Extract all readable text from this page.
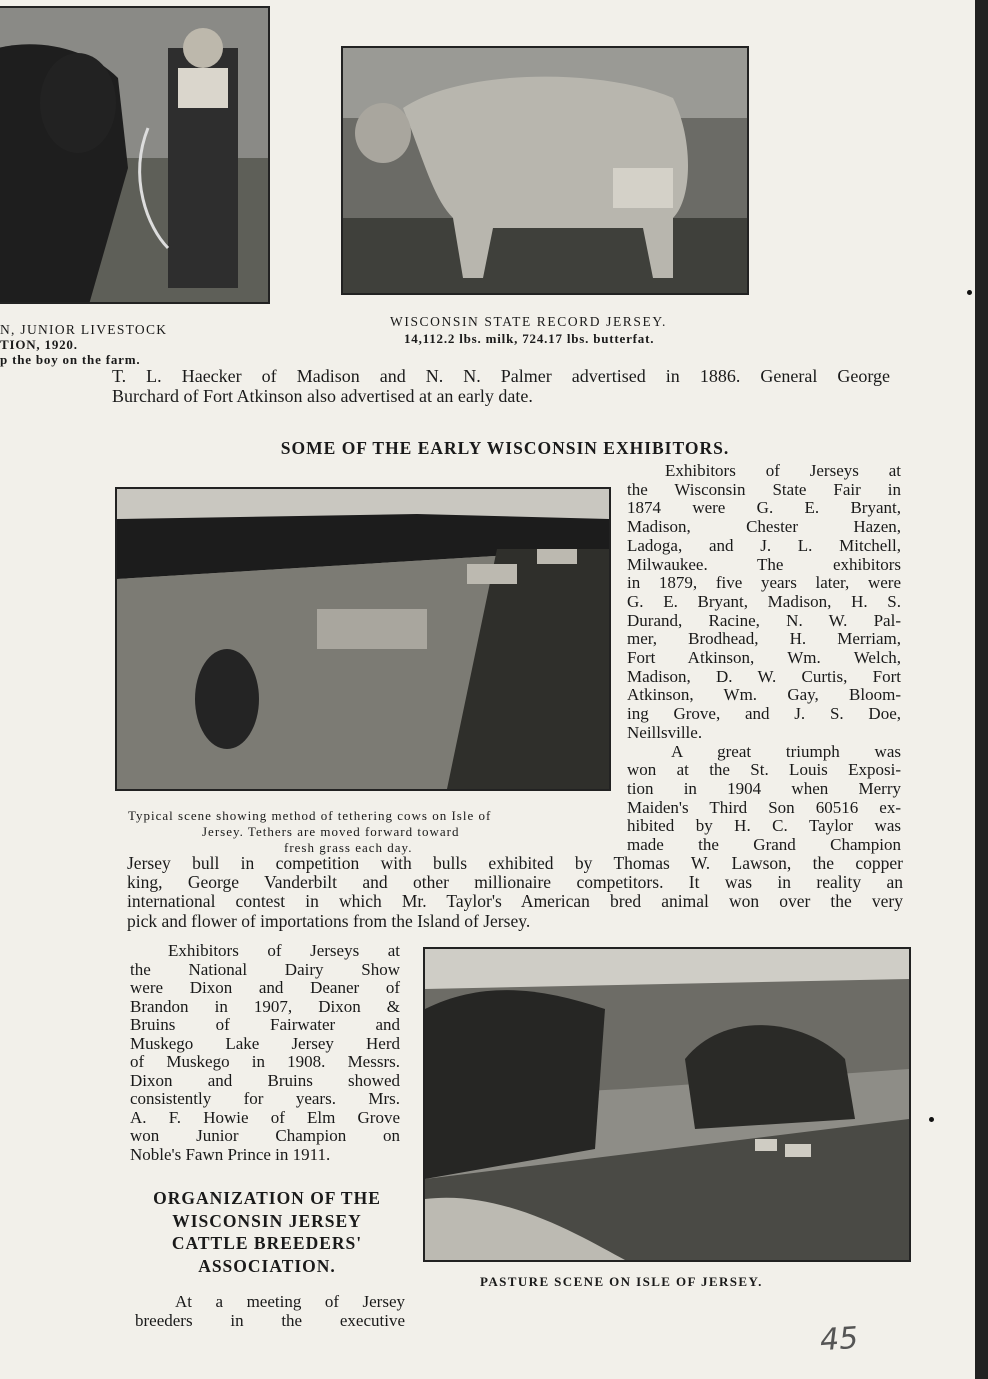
N, JUNIOR LIVESTOCK
TION, 1920.
p the boy on the farm.
WISCONSIN STATE RECORD JERSEY.
14,112.2 lbs. milk, 724.17 lbs. butterfat.
T. L. Haecker of Madison and N. N. Palmer advertised in 1886. General George
Burchard of Fort Atkinson also advertised at an early date.
SOME OF THE EARLY WISCONSIN EXHIBITORS.
Typical scene showing method of tethering cows on Isle of
Jersey. Tethers are moved forward toward
fresh grass each day.
Exhibitors of Jerseys at
the Wisconsin State Fair in
1874 were G. E. Bryant,
Madison, Chester Hazen,
Ladoga, and J. L. Mitchell,
Milwaukee. The exhibitors
in 1879, five years later, were
G. E. Bryant, Madison, H. S.
Durand, Racine, N. W. Pal-
mer, Brodhead, H. Merriam,
Fort Atkinson, Wm. Welch,
Madison, D. W. Curtis, Fort
Atkinson, Wm. Gay, Bloom-
ing Grove, and J. S. Doe,
Neillsville.
A great triumph was
won at the St. Louis Exposi-
tion in 1904 when Merry
Maiden's Third Son 60516 ex-
hibited by H. C. Taylor was
made the Grand Champion
Jersey bull in competition with bulls exhibited by Thomas W. Lawson, the copper
king, George Vanderbilt and other millionaire competitors. It was in reality an
international contest in which Mr. Taylor's American bred animal won over the very
pick and flower of importations from the Island of Jersey.
Exhibitors of Jerseys at
the National Dairy Show
were Dixon and Deaner of
Brandon in 1907, Dixon &
Bruins of Fairwater and
Muskego Lake Jersey Herd
of Muskego in 1908. Messrs.
Dixon and Bruins showed
consistently for years. Mrs.
A. F. Howie of Elm Grove
won Junior Champion on
Noble's Fawn Prince in 1911.
PASTURE SCENE ON ISLE OF JERSEY.
ORGANIZATION OF THE
WISCONSIN JERSEY
CATTLE BREEDERS'
ASSOCIATION.
At a meeting of Jersey
breeders in the executive
45
